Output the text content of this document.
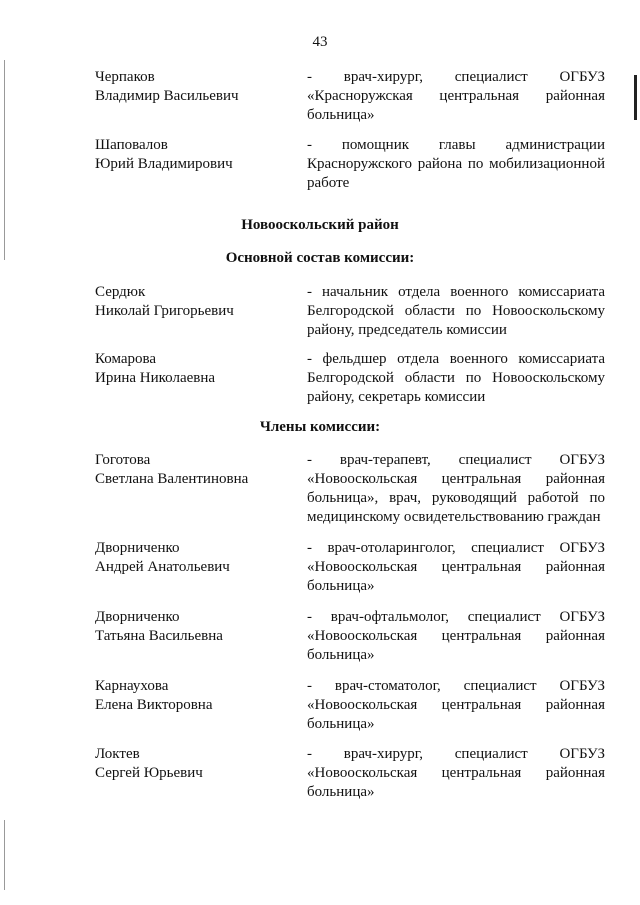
43
Черпаков
Владимир Васильевич
- врач-хирург, специалист ОГБУЗ «Красноружская центральная районная больница»
Шаповалов
Юрий Владимирович
- помощник главы администрации Красноружского района по мобилизационной работе
Новооскольский район
Основной состав комиссии:
Сердюк
Николай Григорьевич
- начальник отдела военного комиссариата Белгородской области по Новооскольскому району, председатель комиссии
Комарова
Ирина Николаевна
- фельдшер отдела военного комиссариата Белгородской области по Новооскольскому району, секретарь комиссии
Члены комиссии:
Гоготова
Светлана Валентиновна
- врач-терапевт, специалист ОГБУЗ «Новооскольская центральная районная больница», врач, руководящий работой по медицинскому освидетельствованию граждан
Дворниченко
Андрей Анатольевич
- врач-отоларинголог, специалист ОГБУЗ «Новооскольская центральная районная больница»
Дворниченко
Татьяна Васильевна
- врач-офтальмолог, специалист ОГБУЗ «Новооскольская центральная районная больница»
Карнаухова
Елена Викторовна
- врач-стоматолог, специалист ОГБУЗ «Новооскольская центральная районная больница»
Локтев
Сергей Юрьевич
- врач-хирург, специалист ОГБУЗ «Новооскольская центральная районная больница»
